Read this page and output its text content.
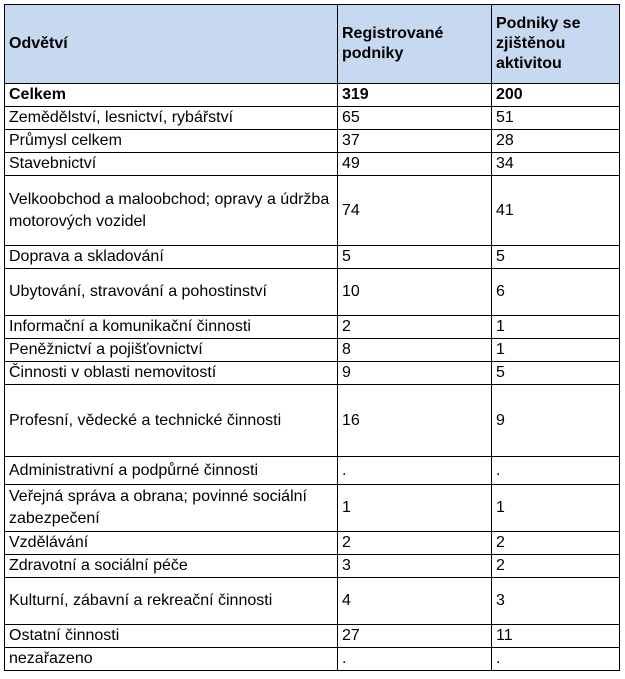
Odvětví	Registrované podniky	Podniky se zjištěnou aktivitou
Celkem	319	200
Zemědělství, lesnictví, rybářství	65	51
Průmysl celkem	37	28
Stavebnictví	49	34
Velkoobchod a maloobchod; opravy a údržba motorových vozidel	74	41
Doprava a skladování	5	5
Ubytování, stravování a pohostinství	10	6
Informační a komunikační činnosti	2	1
Peněžnictví a pojišťovnictví	8	1
Činnosti v oblasti nemovitostí	9	5
Profesní, vědecké a technické činnosti	16	9
Administrativní a podpůrné činnosti	.	.
Veřejná správa a obrana; povinné sociální zabezpečení	1	1
Vzdělávání	2	2
Zdravotní a sociální péče	3	2
Kulturní, zábavní a rekreační činnosti	4	3
Ostatní činnosti	27	11
nezařazeno	.	.
